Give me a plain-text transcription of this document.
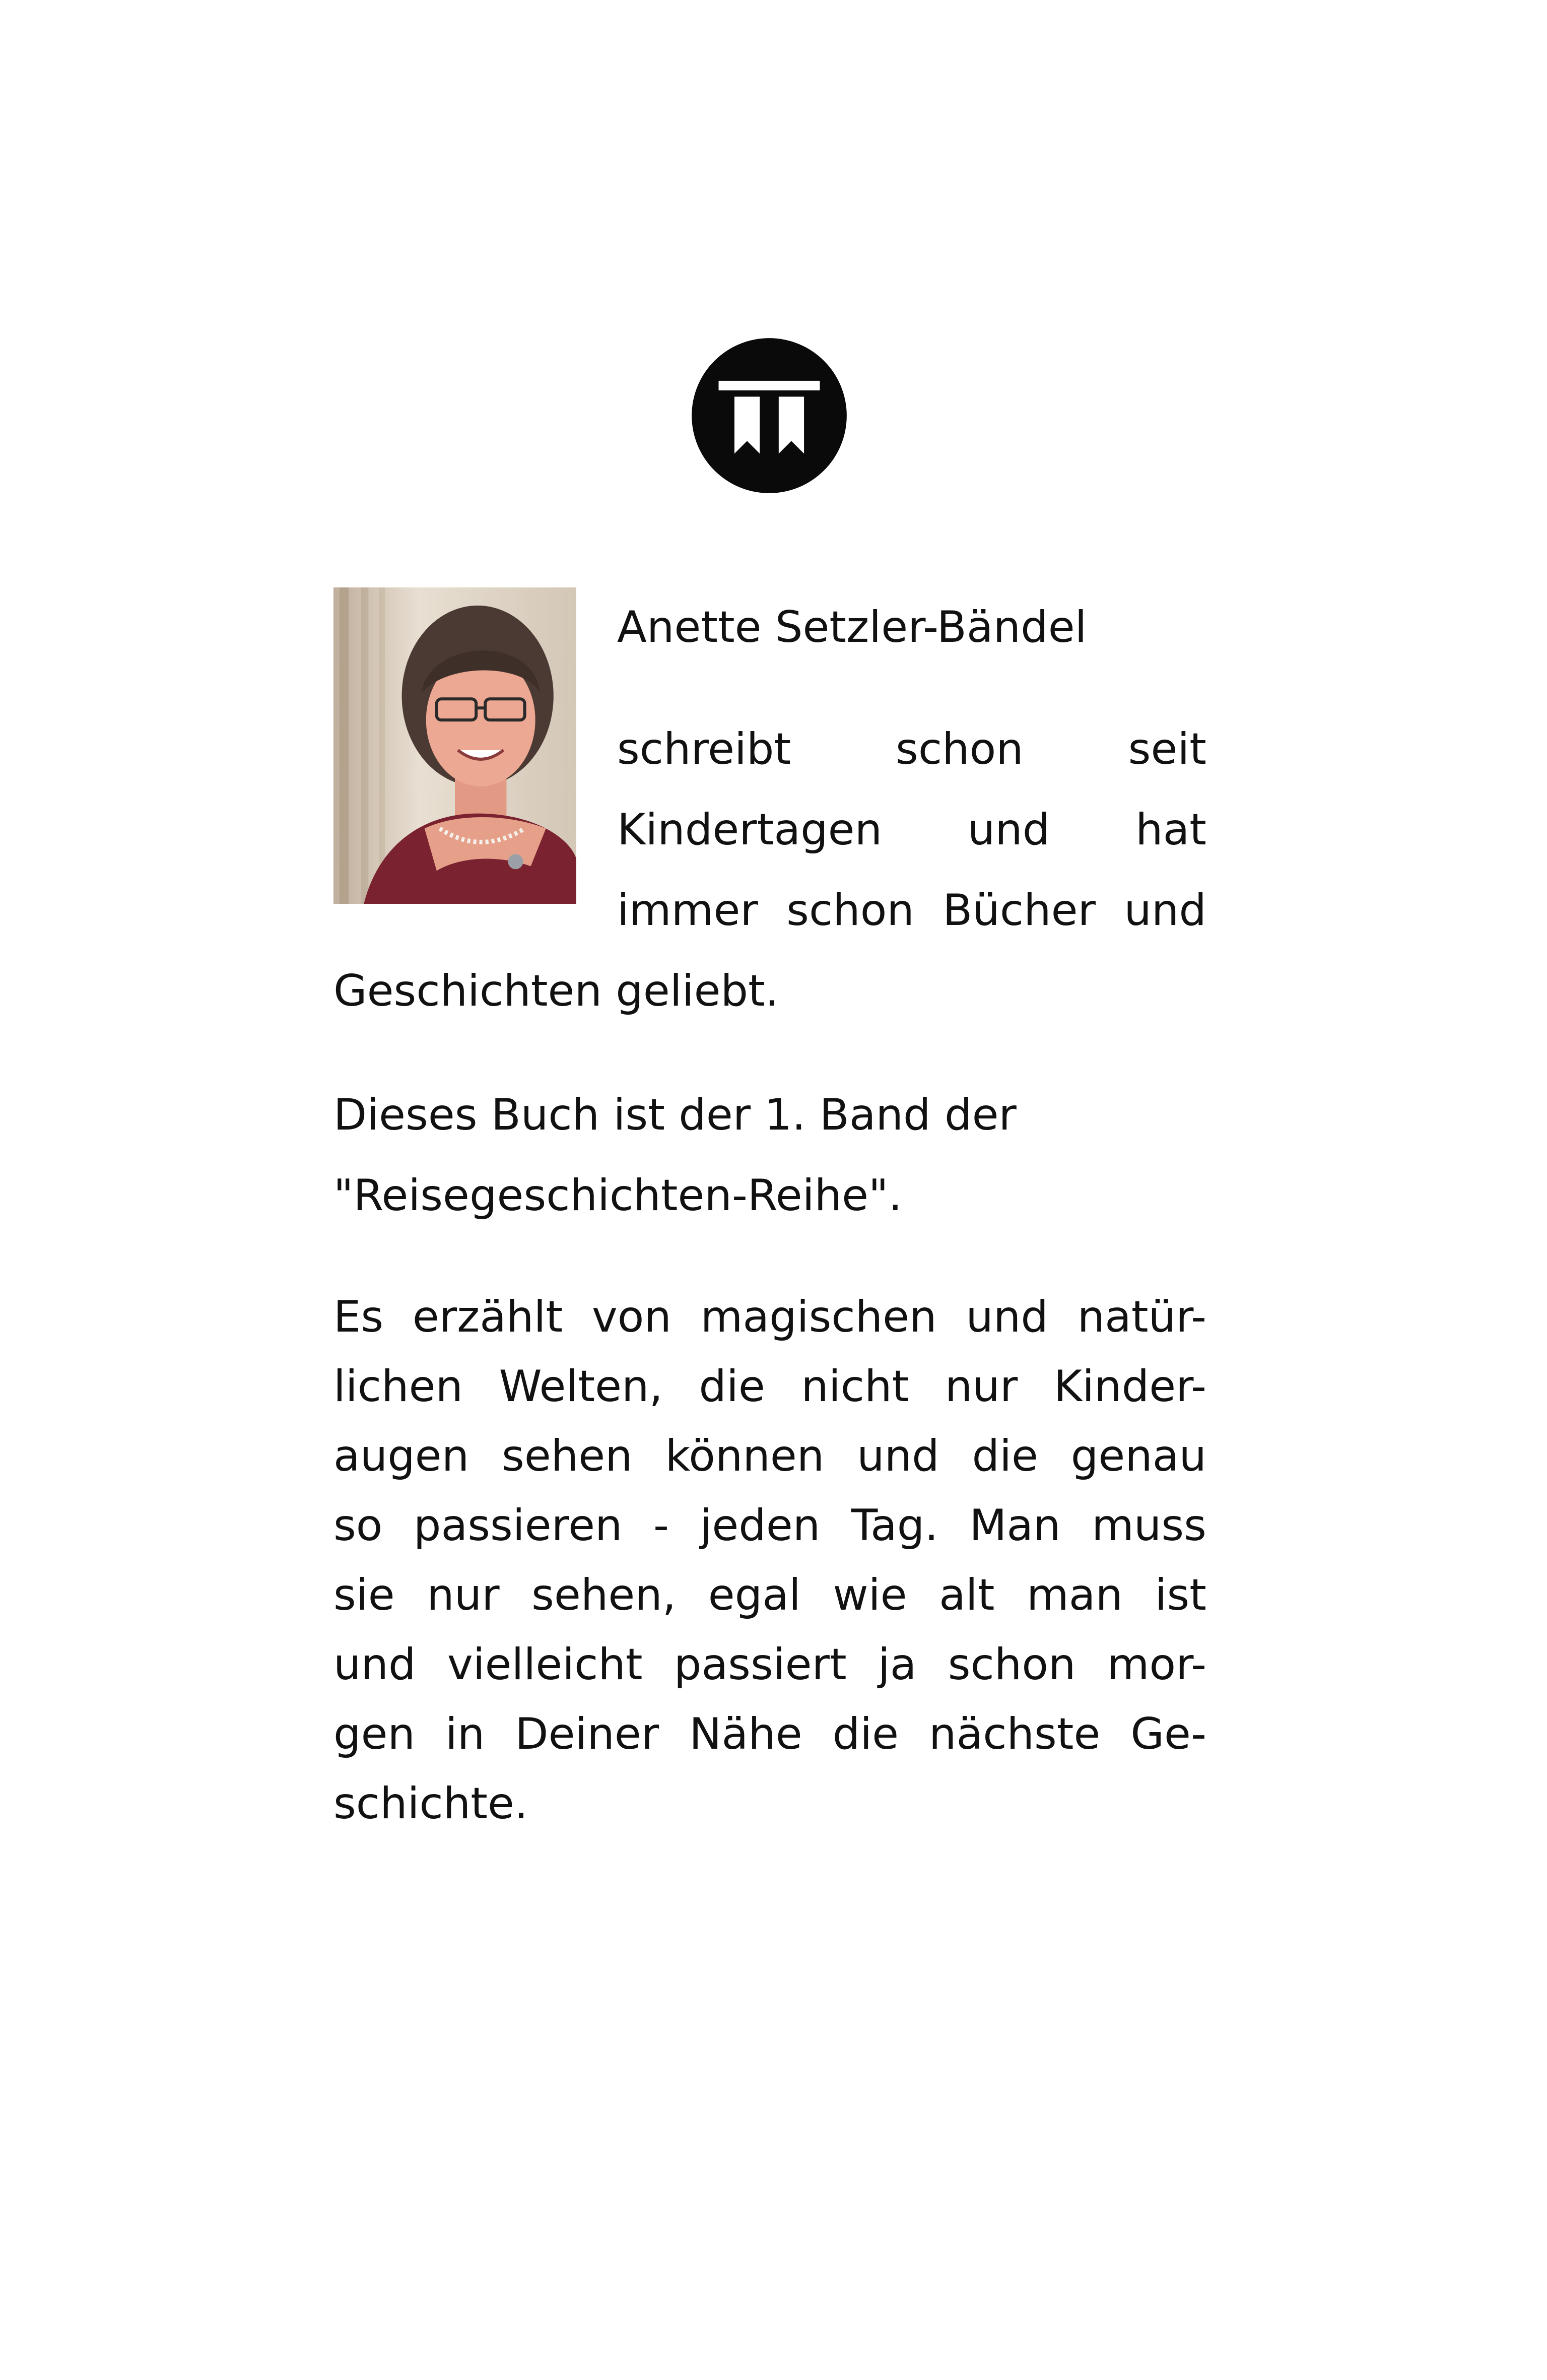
Anette Setzler-Bändel

schreibt schon seit
Kindertagen und hat
immer schon Bücher und

Geschichten geliebt.

Dieses Buch ist der 1. Band der
"Reisegeschichten-Reihe".
Es erzählt von magischen und natür-
lichen Welten, die nicht nur Kinder-
augen sehen können und die genau
so passieren - jeden Tag. Man muss
sie nur sehen, egal wie alt man ist
und vielleicht passiert ja schon mor-
gen in Deiner Nähe die nächste Ge-
schichte.
